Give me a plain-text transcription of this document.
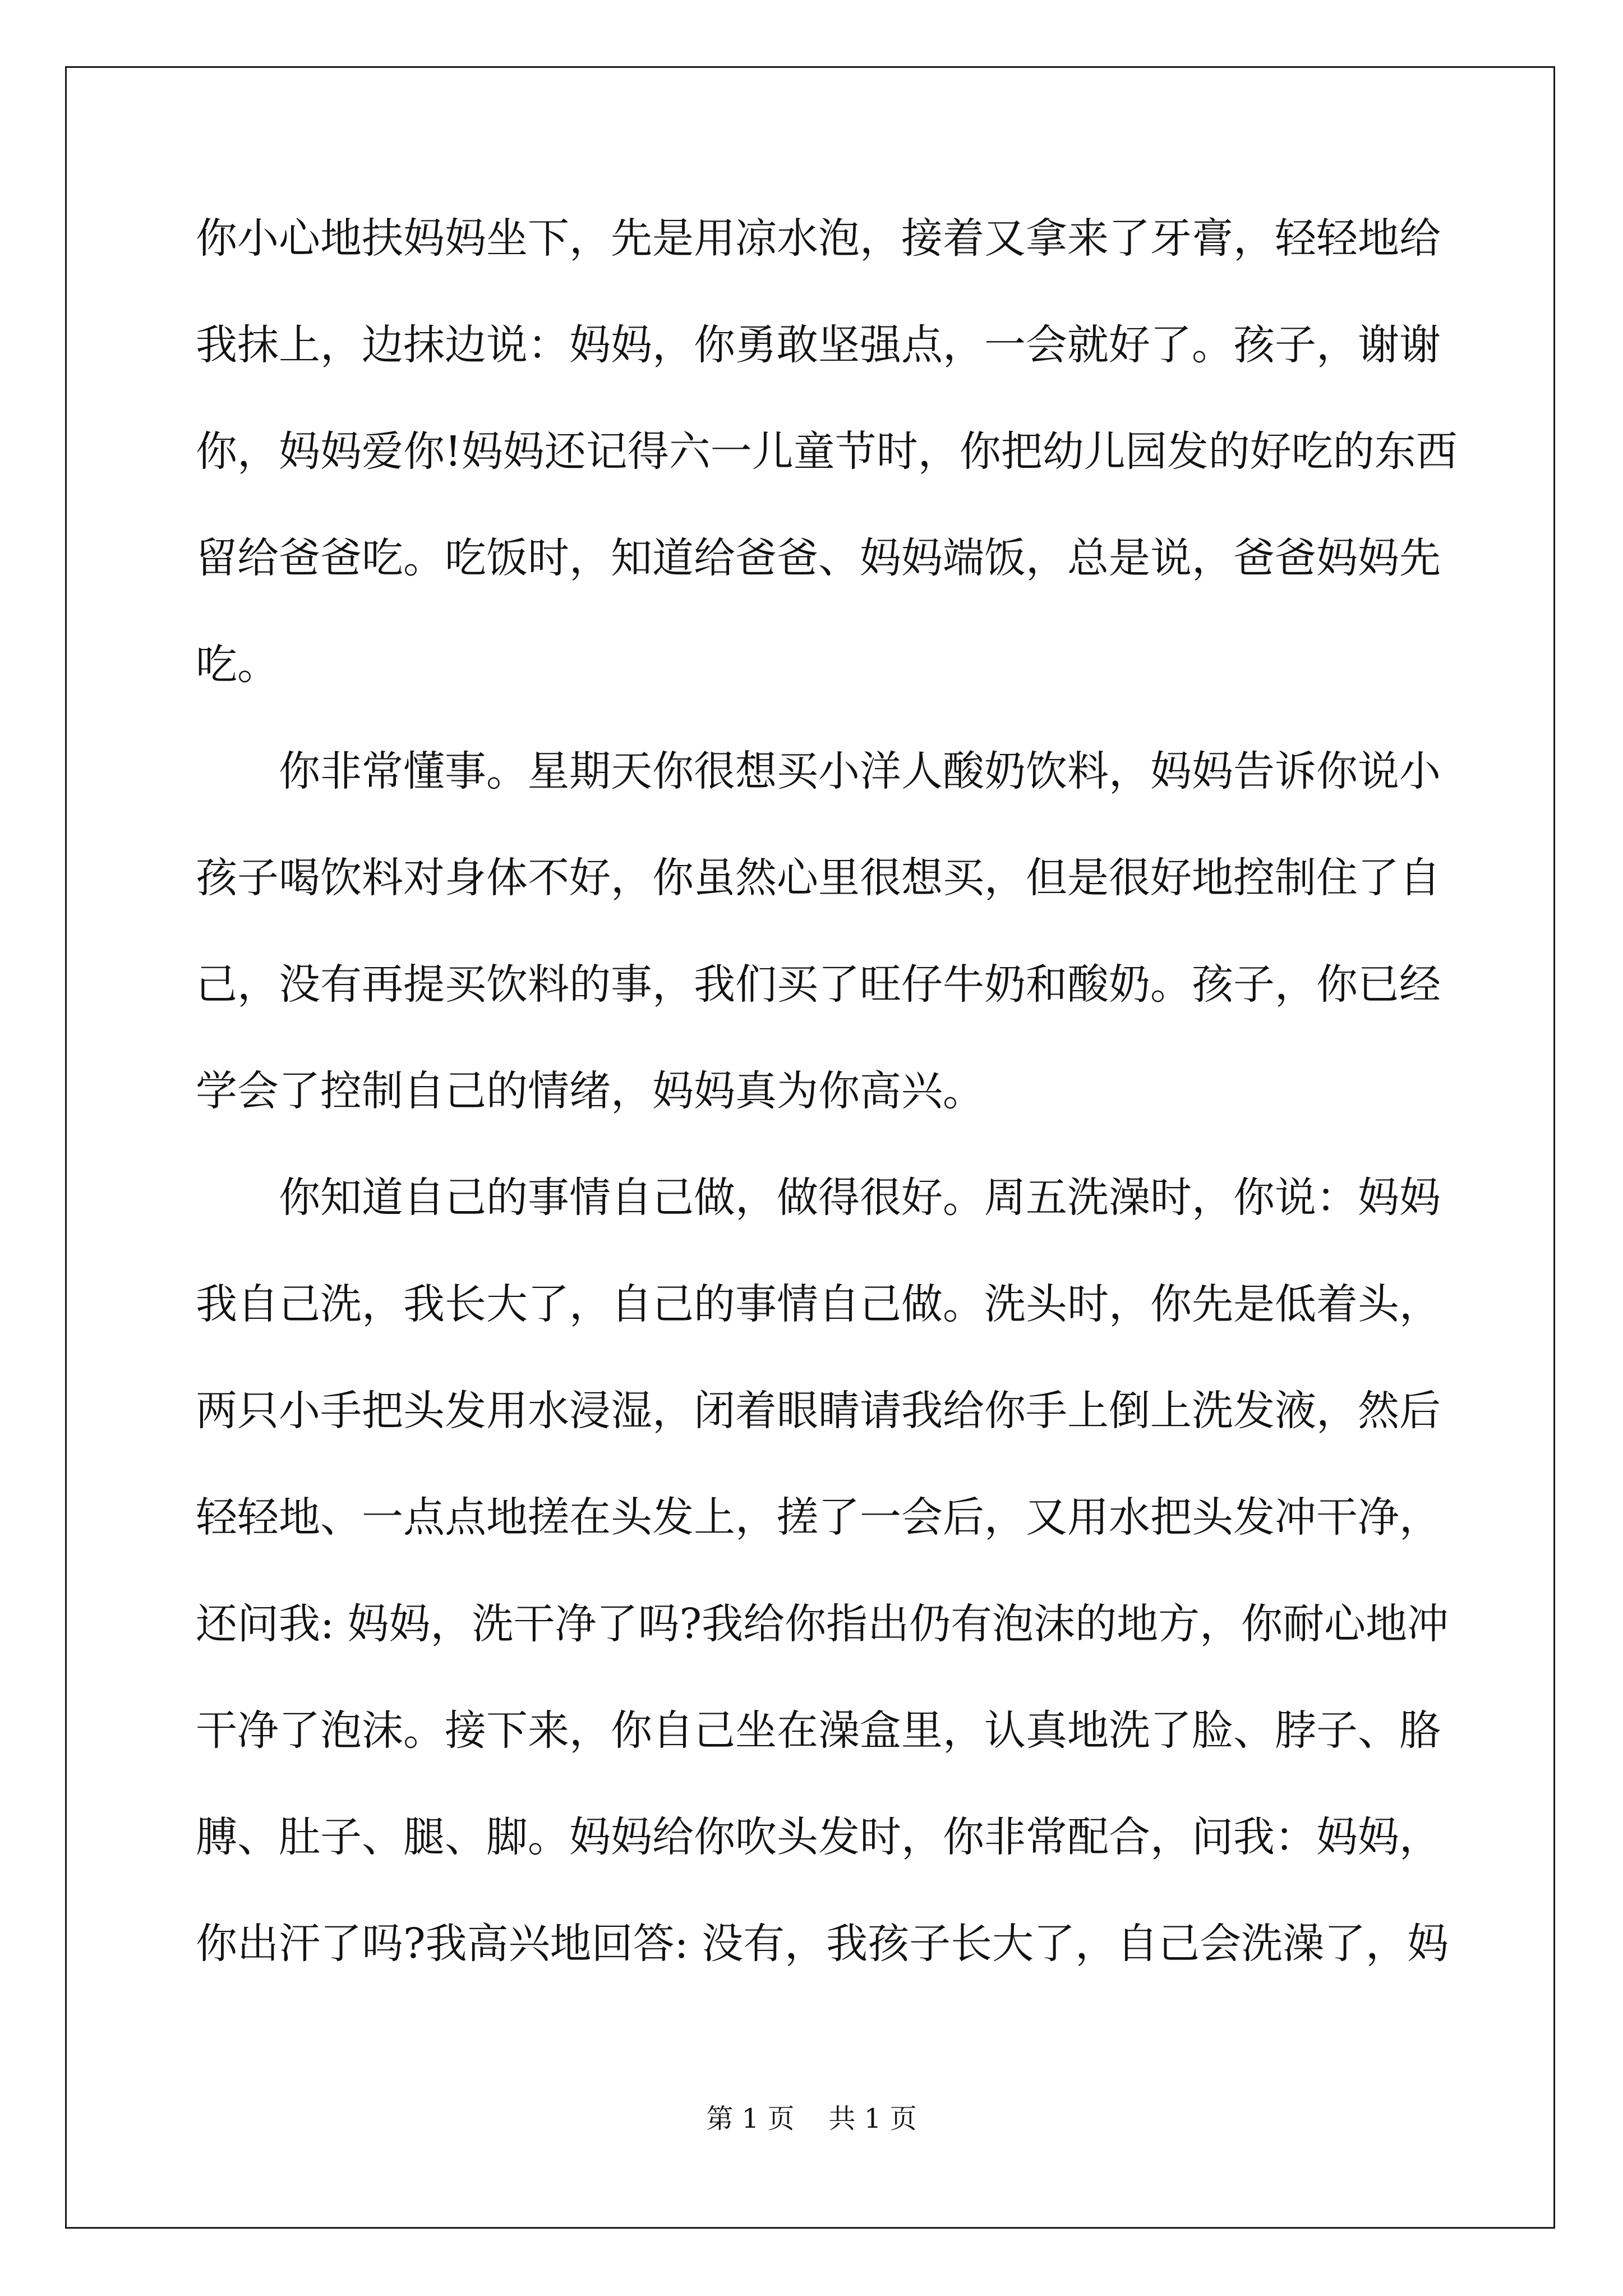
你小心地扶妈妈坐下，先是用凉水泡，接着又拿来了牙膏，轻轻地给
我抹上，边抹边说：妈妈，你勇敢坚强点，一会就好了。孩子，谢谢
你，妈妈爱你!妈妈还记得六一儿童节时，你把幼儿园发的好吃的东西
留给爸爸吃。吃饭时，知道给爸爸、妈妈端饭，总是说，爸爸妈妈先
吃。
你非常懂事。星期天你很想买小洋人酸奶饮料，妈妈告诉你说小
孩子喝饮料对身体不好，你虽然心里很想买，但是很好地控制住了自
己，没有再提买饮料的事，我们买了旺仔牛奶和酸奶。孩子，你已经
学会了控制自己的情绪，妈妈真为你高兴。
你知道自己的事情自己做，做得很好。周五洗澡时，你说：妈妈
我自己洗，我长大了，自己的事情自己做。洗头时，你先是低着头，
两只小手把头发用水浸湿，闭着眼睛请我给你手上倒上洗发液，然后
轻轻地、一点点地搓在头发上，搓了一会后，又用水把头发冲干净，
还问我: 妈妈，洗干净了吗?我给你指出仍有泡沫的地方，你耐心地冲
干净了泡沫。接下来，你自己坐在澡盒里，认真地洗了脸、脖子、胳
膊、肚子、腿、脚。妈妈给你吹头发时，你非常配合，问我：妈妈，
你出汗了吗?我高兴地回答: 没有，我孩子长大了，自己会洗澡了，妈
第 1 页    共 1 页
